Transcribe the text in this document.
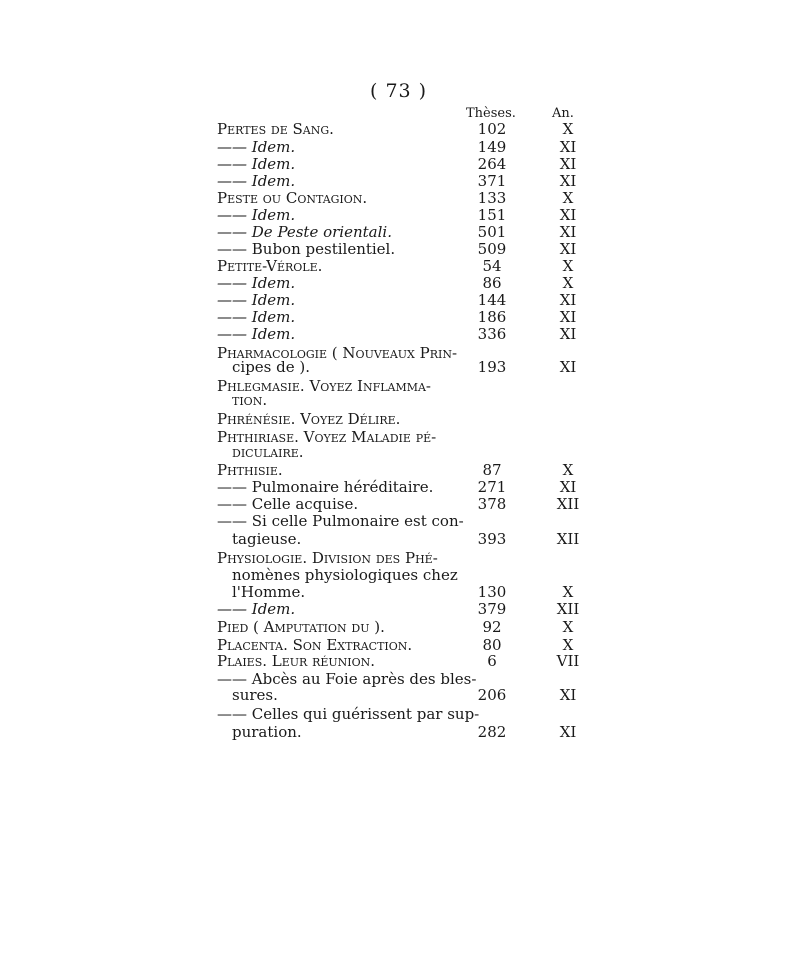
( 73 )
Thèses.	An.
Pertes de Sang.	102	X
—— Idem.	149	XI
—— Idem.	264	XI
—— Idem.	371	XI
Peste ou Contagion.	133	X
—— Idem.	151	XI
—— De Peste orientali.	501	XI
—— Bubon pestilentiel.	509	XI
Petite-Vérole.	54	X
—— Idem.	86	X
—— Idem.	144	XI
—— Idem.	186	XI
—— Idem.	336	XI
Pharmacologie ( Nouveaux Prin-
cipes de ).	193	XI
Phlegmasie. Voyez Inflamma-
tion.
Phrénésie. Voyez Délire.
Phthiriase. Voyez Maladie pé-
diculaire.
Phthisie.	87	X
—— Pulmonaire héréditaire.	271	XI
—— Celle acquise.	378	XII
—— Si celle Pulmonaire est con-
tagieuse.	393	XII
Physiologie. Division des Phé-
nomènes physiologiques chez
l'Homme.	130	X
—— Idem.	379	XII
Pied ( Amputation du ).	92	X
Placenta. Son Extraction.	80	X
Plaies. Leur réunion.	6	VII
—— Abcès au Foie après des bles-
sures.	206	XI
—— Celles qui guérissent par sup-
puration.	282	XI
